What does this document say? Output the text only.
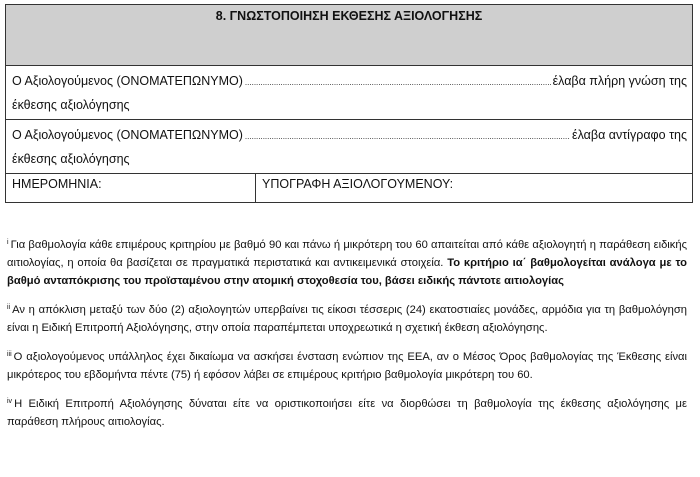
8. ΓΝΩΣΤΟΠΟΙΗΣΗ ΕΚΘΕΣΗΣ ΑΞΙΟΛΟΓΗΣΗΣ
Ο Αξιολογούμενος (ΟΝΟΜΑΤΕΠΩΝΥΜΟ) .....	έλαβα πλήρη γνώση της
έκθεσης αξιολόγησης
Ο Αξιολογούμενος (ΟΝΟΜΑΤΕΠΩΝΥΜΟ) .....	έλαβα αντίγραφο της
έκθεσης αξιολόγησης
ΗΜΕΡΟΜΗΝΙΑ:	ΥΠΟΓΡΑΦΗ ΑΞΙΟΛΟΓΟΥΜΕΝΟΥ:
$^i$ Για βαθμολογία κάθε επιμέρους κριτηρίου με βαθμό 90 και πάνω ή μικρότερη του 60 απαιτείται από κάθε αξιολογητή η παράθεση ειδικής αιτιολογίας, η οποία θα βασίζεται σε πραγματικά περιστατικά και αντικειμενικά στοιχεία. Το κριτήριο ια΄ βαθμολογείται ανάλογα με το βαθμό ανταπόκρισης του προϊσταμένου στην ατομική στοχοθεσία του, βάσει ειδικής πάντοτε αιτιολογίας
$^{ii}$ Αν η απόκλιση μεταξύ των δύο (2) αξιολογητών υπερβαίνει τις είκοσι τέσσερις (24) εκατοστιαίες μονάδες, αρμόδια για τη βαθμολόγηση είναι η Ειδική Επιτροπή Αξιολόγησης, στην οποία παραπέμπεται υποχρεωτικά η σχετική έκθεση αξιολόγησης.
$^{iii}$ Ο αξιολογούμενος υπάλληλος έχει δικαίωμα να ασκήσει ένσταση ενώπιον της ΕΕΑ, αν ο Μέσος Όρος βαθμολογίας της Έκθεσης είναι μικρότερος του εβδομήντα πέντε (75) ή εφόσον λάβει σε επιμέρους κριτήριο βαθμολογία μικρότερη του 60.
$^{iv}$ Η Ειδική Επιτροπή Αξιολόγησης δύναται είτε να οριστικοποιήσει είτε να διορθώσει τη βαθμολογία της έκθεσης αξιολόγησης με παράθεση πλήρους αιτιολογίας.
